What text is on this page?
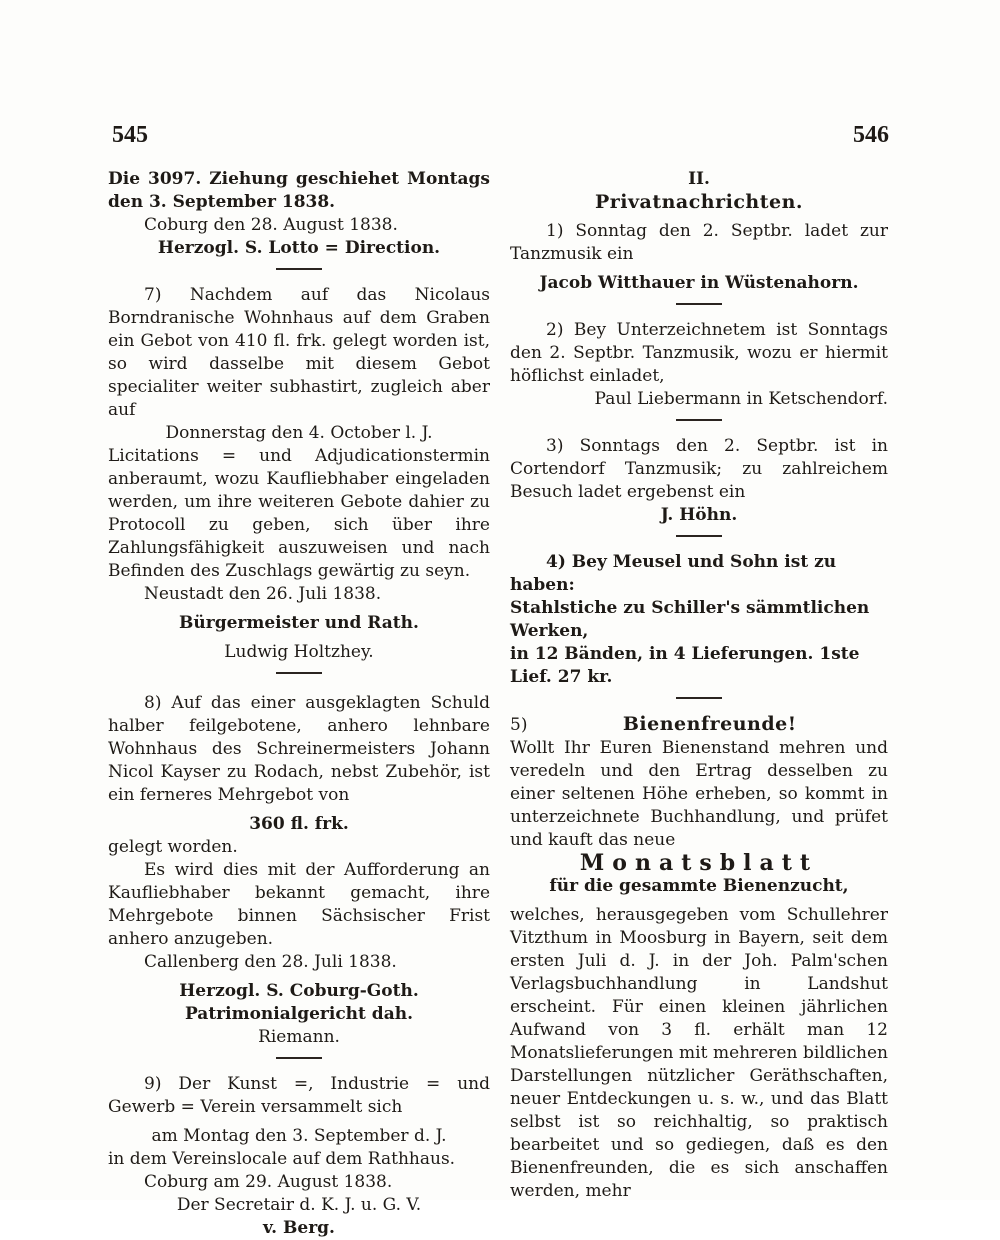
545	546

Die 3097. Ziehung geschiehet Montags den 3. September 1838.

Coburg den 28. August 1838.

Herzogl. S. Lotto = Direction.

7) Nachdem auf das Nicolaus Borndranische Wohnhaus auf dem Graben ein Gebot von 410 fl. frk. gelegt worden ist, so wird dasselbe mit diesem Gebot specialiter weiter subhastirt, zugleich aber auf

Donnerstag den 4. October l. J.

Licitations = und Adjudicationstermin anberaumt, wozu Kaufliebhaber eingeladen werden, um ihre weiteren Gebote dahier zu Protocoll zu geben, sich über ihre Zahlungsfähigkeit auszuweisen und nach Befinden des Zuschlags gewärtig zu seyn.

Neustadt den 26. Juli 1838.

Bürgermeister und Rath.

Ludwig Holtzhey.

8) Auf das einer ausgeklagten Schuld halber feilgebotene, anhero lehnbare Wohnhaus des Schreinermeisters Johann Nicol Kayser zu Rodach, nebst Zubehör, ist ein ferneres Mehrgebot von

360 fl. frk.

gelegt worden.

Es wird dies mit der Aufforderung an Kaufliebhaber bekannt gemacht, ihre Mehrgebote binnen Sächsischer Frist anhero anzugeben.

Callenberg den 28. Juli 1838.

Herzogl. S. Coburg-Goth. Patrimonialgericht dah.

Riemann.

9) Der Kunst =, Industrie = und Gewerb = Verein versammelt sich

am Montag den 3. September d. J.

in dem Vereinslocale auf dem Rathhaus.

Coburg am 29. August 1838.

Der Secretair d. K. J. u. G. V.

v. Berg.

II.

Privatnachrichten.

1) Sonntag den 2. Septbr. ladet zur Tanzmusik ein

Jacob Witthauer in Wüstenahorn.

2) Bey Unterzeichnetem ist Sonntags den 2. Septbr. Tanzmusik, wozu er hiermit höflichst einladet,

Paul Liebermann in Ketschendorf.

3) Sonntags den 2. Septbr. ist in Cortendorf Tanzmusik; zu zahlreichem Besuch ladet ergebenst ein

J. Höhn.

4) Bey Meusel und Sohn ist zu haben:

Stahlstiche zu Schiller's sämmtlichen Werken,

in 12 Bänden, in 4 Lieferungen. 1ste Lief. 27 kr.

5)	Bienenfreunde!

Wollt Ihr Euren Bienenstand mehren und veredeln und den Ertrag desselben zu einer seltenen Höhe erheben, so kommt in unterzeichnete Buchhandlung, und prüfet und kauft das neue

Monatsblatt

für die gesammte Bienenzucht,

welches, herausgegeben vom Schullehrer Vitzthum in Moosburg in Bayern, seit dem ersten Juli d. J. in der Joh. Palm'schen Verlagsbuchhandlung in Landshut erscheint. Für einen kleinen jährlichen Aufwand von 3 fl. erhält man 12 Monatslieferungen mit mehreren bildlichen Darstellungen nützlicher Geräthschaften, neuer Entdeckungen u. s. w., und das Blatt selbst ist so reichhaltig, so praktisch bearbeitet und so gediegen, daß es den Bienenfreunden, die es sich anschaffen werden, mehr
